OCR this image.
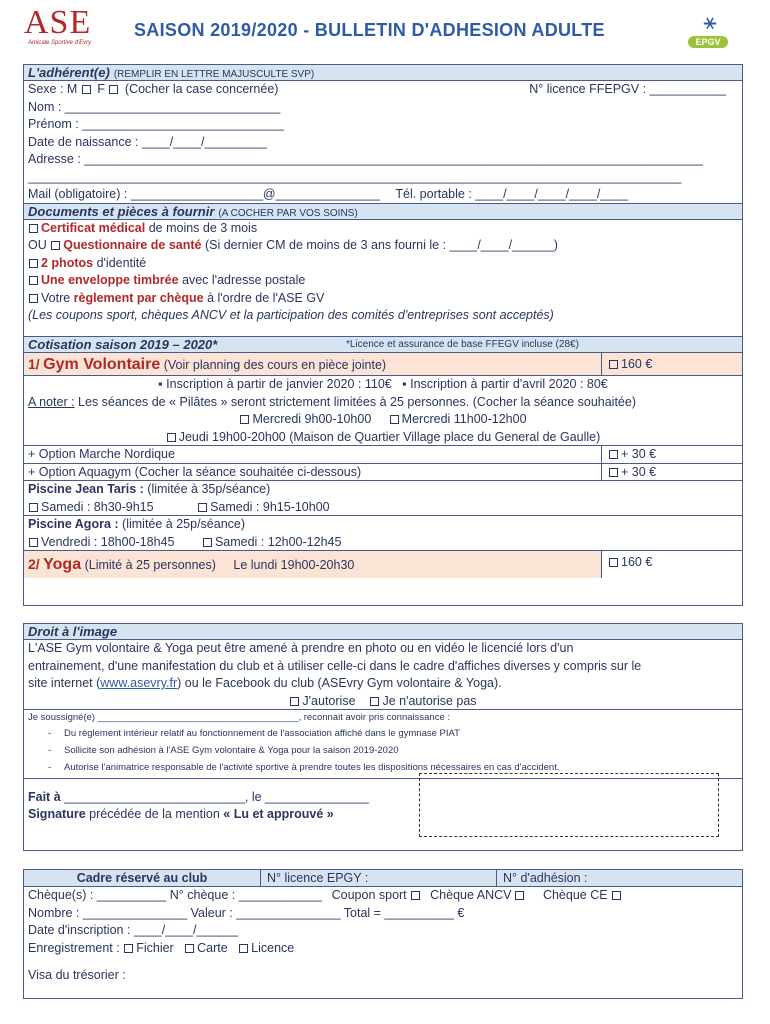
ASE
Amicale Sportive d'Evry
SAISON 2019/2020 - BULLETIN D'ADHESION ADULTE	⚹
EPGV
L'adhérent(e) (REMPLIR EN LETTRE MAJUSCULTE SVP)
Sexe : M F (Cocher la case concernée)	N° licence FFEPGV : ___________
Nom : _______________________________
Prénom : _____________________________
Date de naissance : ____/____/_________
Adresse : _________________________________________________________________________________________
______________________________________________________________________________________________
Mail (obligatoire) : ___________________@_______________ Tél. portable : ____/____/____/____/____
Documents et pièces à fournir (A COCHER PAR VOS SOINS)
Certificat médical de moins de 3 mois
OU Questionnaire de santé (Si dernier CM de moins de 3 ans fourni le : ____/____/______)
2 photos d'identité
Une enveloppe timbrée avec l'adresse postale
Votre règlement par chèque à l'ordre de l'ASE GV
(Les coupons sport, chèques ANCV et la participation des comités d'entreprises sont acceptés)
Cotisation saison 2019 – 2020*	*Licence et assurance de base FFEGV incluse (28€)
1/ Gym Volontaire (Voir planning des cours en pièce jointe)	160 €
▪ Inscription à partir de janvier 2020 : 110€ ▪ Inscription à partir d'avril 2020 : 80€
A noter : Les séances de « Pilâtes » seront strictement limitées à 25 personnes. (Cocher la séance souhaitée)
Mercredi 9h00-10h00 Mercredi 11h00-12h00
Jeudi 19h00-20h00 (Maison de Quartier Village place du General de Gaulle)
+ Option Marche Nordique	+ 30 €
+ Option Aquagym (Cocher la séance souhaitée ci-dessous)	+ 30 €
Piscine Jean Taris : (limitée à 35p/séance)
Samedi : 8h30-9h15	Samedi : 9h15-10h00
Piscine Agora : (limitée à 25p/séance)
Vendredi : 18h00-18h45	Samedi : 12h00-12h45
2/ Yoga (Limité à 25 personnes) Le lundi 19h00-20h30	160 €
Droit à l'image
L'ASE Gym volontaire & Yoga peut être amené à prendre en photo ou en vidéo le licencié lors d'un
entrainement, d'une manifestation du club et à utiliser celle-ci dans le cadre d'affiches diverses y compris sur le
site internet (www.asevry.fr) ou le Facebook du club (ASEvry Gym volontaire & Yoga).
J'autorise Je n'autorise pas
Je soussigné(e) ______________________________________, reconnait avoir pris connaissance :
- Du règlement intérieur relatif au fonctionnement de l'association affiché dans le gymnase PIAT
- Sollicite son adhésion à l'ASE Gym volontaire & Yoga pour la saison 2019-2020
- Autorise l'animatrice responsable de l'activité sportive à prendre toutes les dispositions nécessaires en cas d'accident.
Fait à __________________________, le _______________
Signature précédée de la mention « Lu et approuvé »
Cadre réservé au club	N° licence EPGY :	N° d'adhésion :
Chèque(s) : __________ N° chèque : ____________ Coupon sport Chèque ANCV	Chèque CE
Nombre : _______________ Valeur : _______________ Total = __________ €
Date d'inscription : ____/____/______
Enregistrement : Fichier Carte Licence
Visa du trésorier :
